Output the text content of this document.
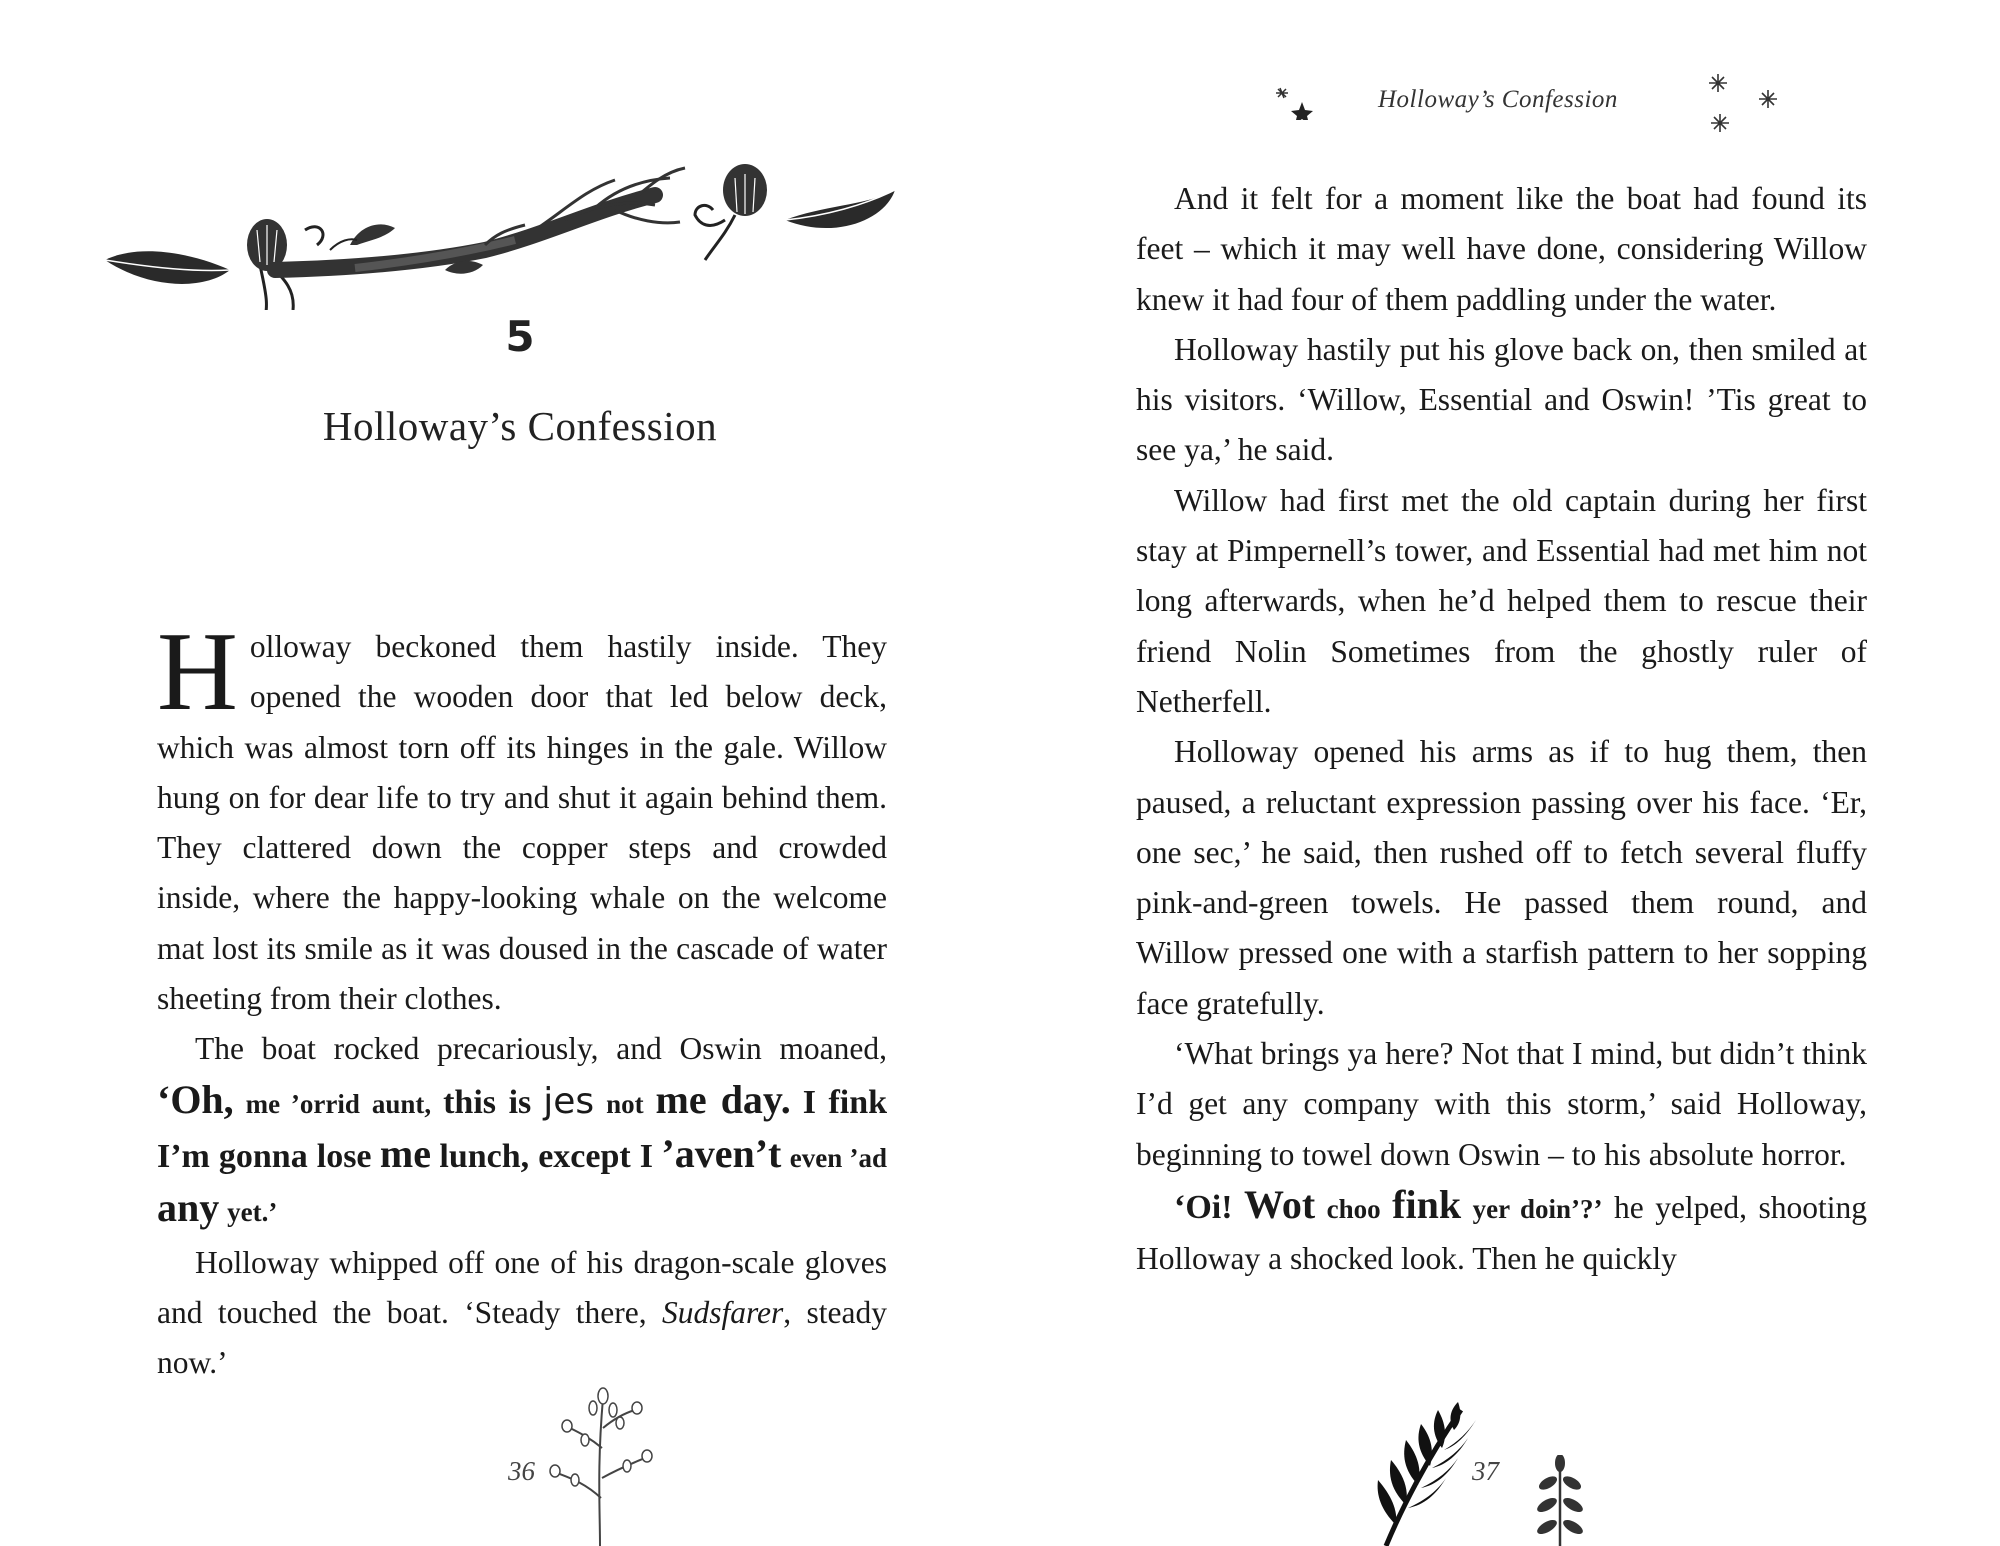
5
Holloway’s Confession

Holloway beckoned them hastily inside. They opened the wooden door that led below deck, which was almost torn off its hinges in the gale. Willow hung on for dear life to try and shut it again behind them. They clattered down the copper steps and crowded inside, where the happy-looking whale on the welcome mat lost its smile as it was doused in the cascade of water sheeting from their clothes.

The boat rocked precariously, and Oswin moaned, ‘Oh, me ’orrid aunt, this is jes not me day. I fink I’m gonna lose me lunch, except I ’aven’t even ’ad any yet.’

Holloway whipped off one of his dragon-scale gloves and touched the boat. ‘Steady there, Sudsfarer, steady now.’

36
Holloway’s Confession

And it felt for a moment like the boat had found its feet – which it may well have done, considering Willow knew it had four of them paddling under the water.

Holloway hastily put his glove back on, then smiled at his visitors. ‘Willow, Essential and Oswin! ’Tis great to see ya,’ he said.

Willow had first met the old captain during her first stay at Pimpernell’s tower, and Essential had met him not long afterwards, when he’d helped them to rescue their friend Nolin Sometimes from the ghostly ruler of Netherfell.

Holloway opened his arms as if to hug them, then paused, a reluctant expression passing over his face. ‘Er, one sec,’ he said, then rushed off to fetch several fluffy pink-and-green towels. He passed them round, and Willow pressed one with a starfish pattern to her sopping face gratefully.

‘What brings ya here? Not that I mind, but didn’t think I’d get any company with this storm,’ said Holloway, beginning to towel down Oswin – to his absolute horror.

‘Oi! Wot choo fink yer doin’?’ he yelped, shooting Holloway a shocked look. Then he quickly

37
